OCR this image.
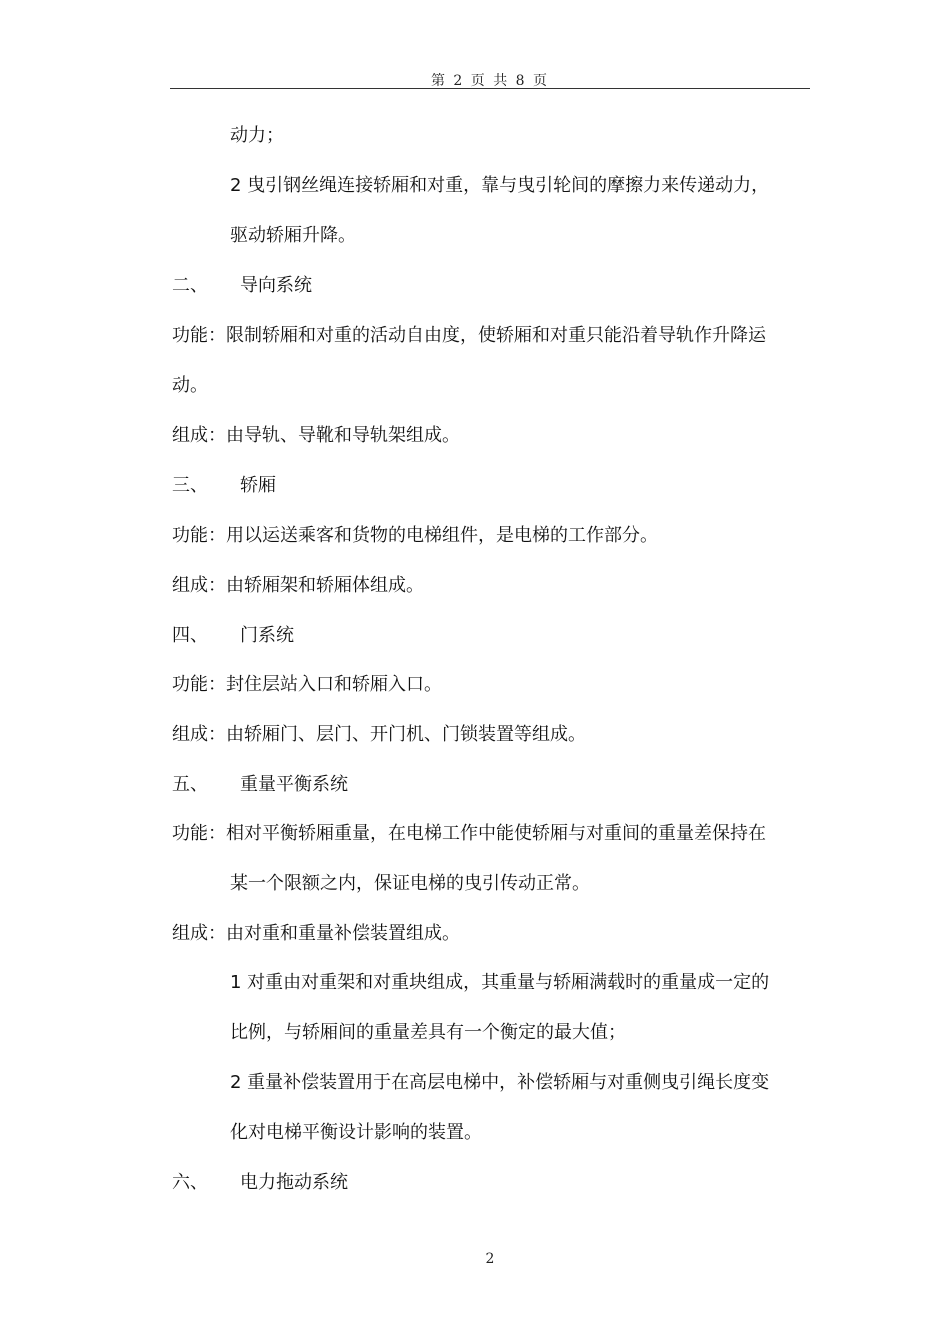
第 2 页 共 8 页
动力；
2 曳引钢丝绳连接轿厢和对重，靠与曳引轮间的摩擦力来传递动力，
驱动轿厢升降。
二、 导向系统
功能：限制轿厢和对重的活动自由度，使轿厢和对重只能沿着导轨作升降运
动。
组成：由导轨、导靴和导轨架组成。
三、 轿厢
功能：用以运送乘客和货物的电梯组件，是电梯的工作部分。
组成：由轿厢架和轿厢体组成。
四、 门系统
功能：封住层站入口和轿厢入口。
组成：由轿厢门、层门、开门机、门锁装置等组成。
五、 重量平衡系统
功能：相对平衡轿厢重量，在电梯工作中能使轿厢与对重间的重量差保持在
某一个限额之内，保证电梯的曳引传动正常。
组成：由对重和重量补偿装置组成。
1 对重由对重架和对重块组成，其重量与轿厢满载时的重量成一定的
比例，与轿厢间的重量差具有一个衡定的最大值；
2 重量补偿装置用于在高层电梯中，补偿轿厢与对重侧曳引绳长度变
化对电梯平衡设计影响的装置。
六、 电力拖动系统
2
